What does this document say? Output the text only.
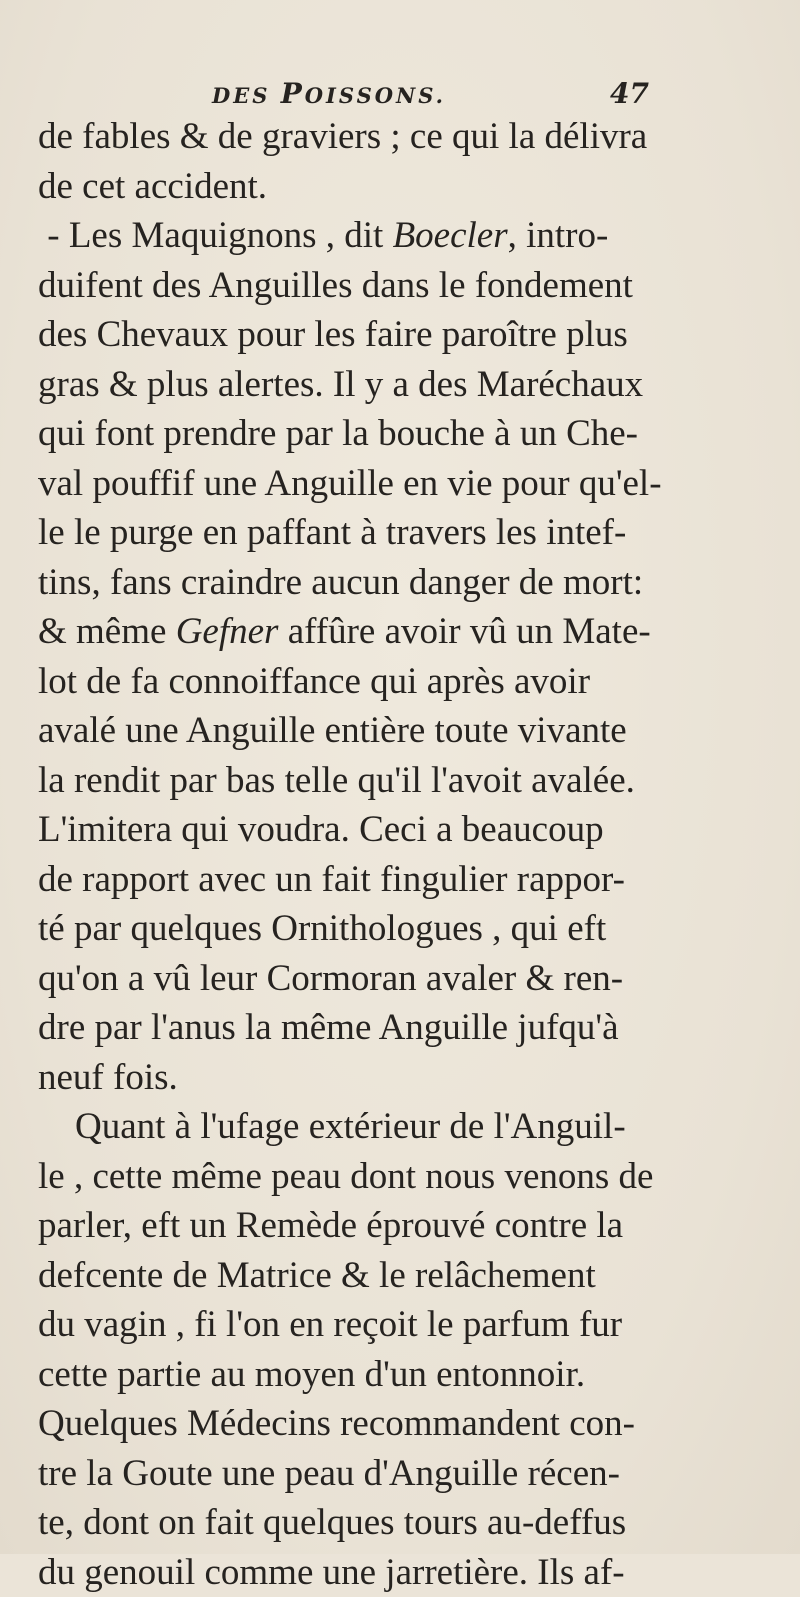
DES POISSONS.	47
de fables & de graviers ; ce qui la délivra
de cet accident.
- Les Maquignons , dit Boecler, intro-
duifent des Anguilles dans le fondement
des Chevaux pour les faire paroître plus
gras & plus alertes. Il y a des Maréchaux
qui font prendre par la bouche à un Che-
val pouffif une Anguille en vie pour qu'el-
le le purge en paffant à travers les intef-
tins, fans craindre aucun danger de mort:
& même Gefner affûre avoir vû un Mate-
lot de fa connoiffance qui après avoir
avalé une Anguille entière toute vivante
la rendit par bas telle qu'il l'avoit avalée.
L'imitera qui voudra. Ceci a beaucoup
de rapport avec un fait fingulier rappor-
té par quelques Ornithologues , qui eft
qu'on a vû leur Cormoran avaler & ren-
dre par l'anus la même Anguille jufqu'à
neuf fois.
Quant à l'ufage extérieur de l'Anguil-
le , cette même peau dont nous venons de
parler, eft un Remède éprouvé contre la
defcente de Matrice & le relâchement
du vagin , fi l'on en reçoit le parfum fur
cette partie au moyen d'un entonnoir.
Quelques Médecins recommandent con-
tre la Goute une peau d'Anguille récen-
te, dont on fait quelques tours au-deffus
du genouil comme une jarretière. Ils af-
